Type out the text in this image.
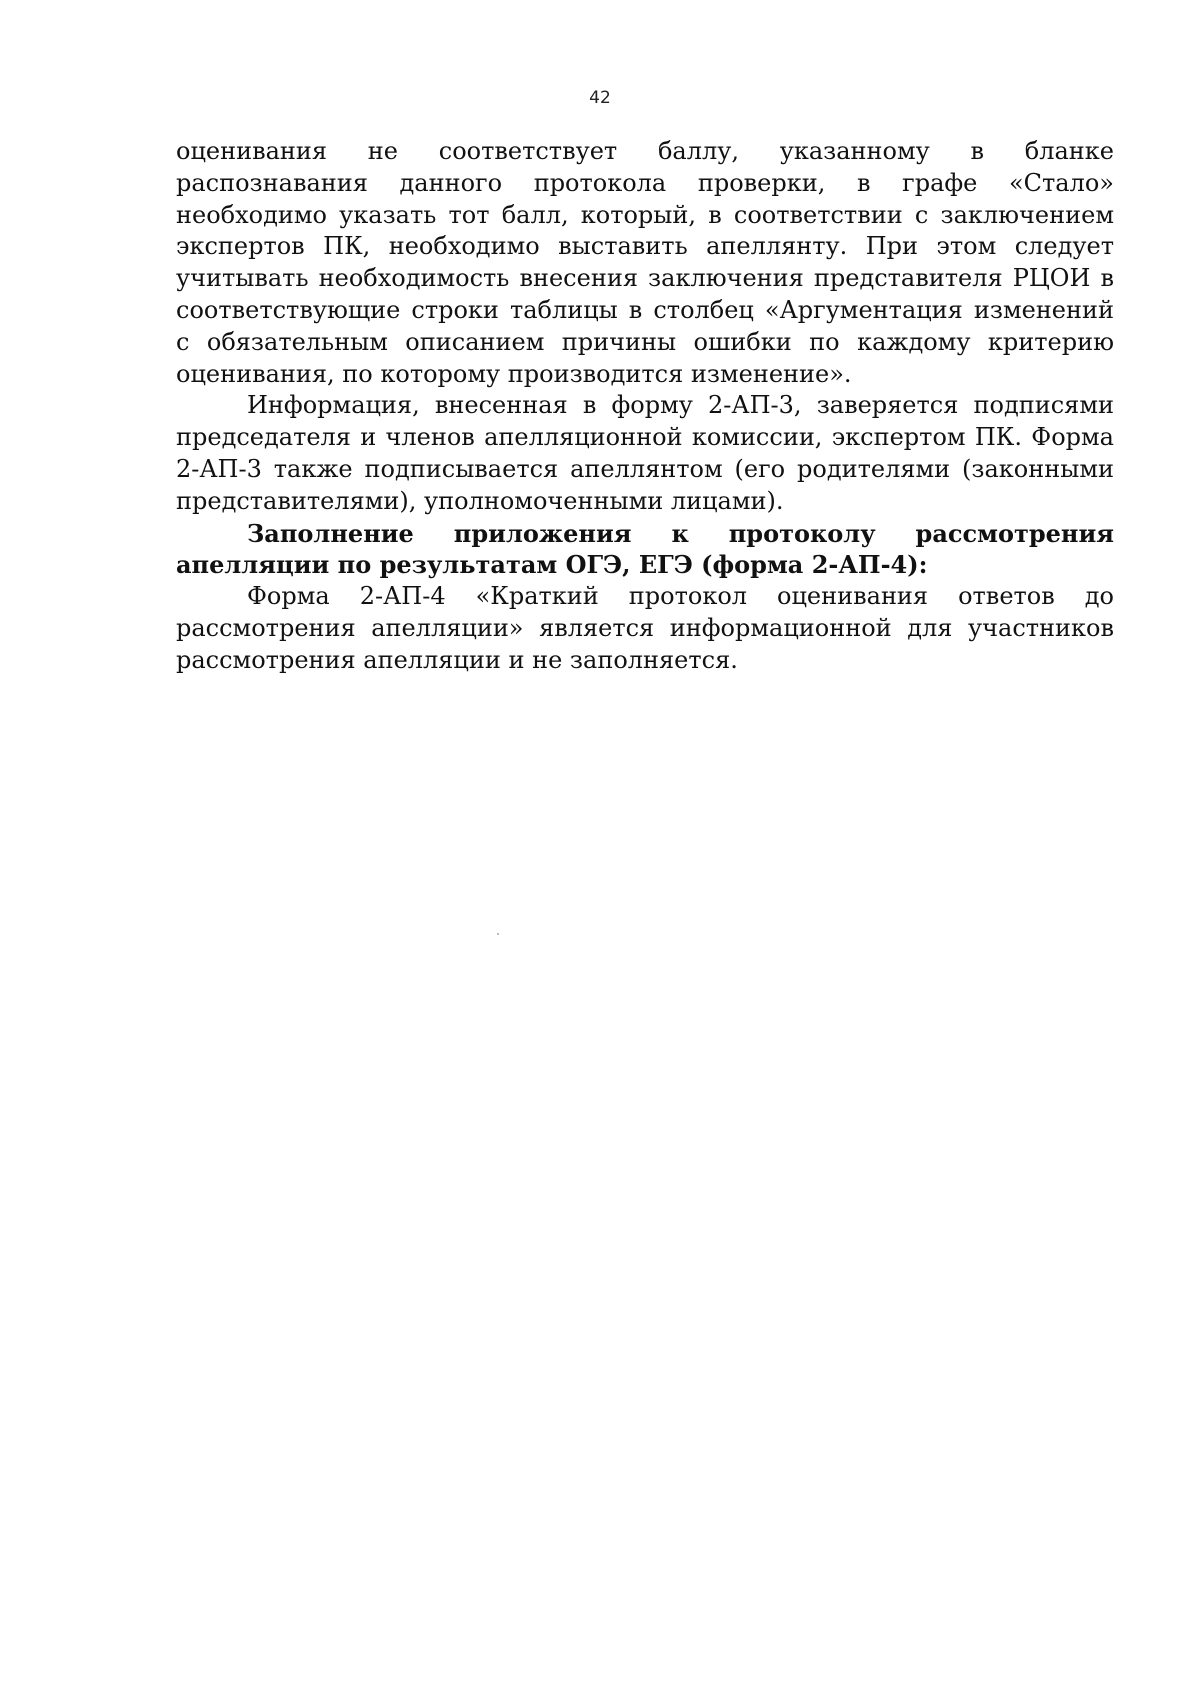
42

оценивания не соответствует баллу, указанному в бланке распознавания данного протокола проверки, в графе «Стало» необходимо указать тот балл, который, в соответствии с заключением экспертов ПК, необходимо выставить апеллянту. При этом следует учитывать необходимость внесения заключения представителя РЦОИ в соответствующие строки таблицы в столбец «Аргументация изменений с обязательным описанием причины ошибки по каждому критерию оценивания, по которому производится изменение».

Информация, внесенная в форму 2-АП-3, заверяется подписями председателя и членов апелляционной комиссии, экспертом ПК. Форма 2-АП-3 также подписывается апеллянтом (его родителями (законными представителями), уполномоченными лицами).

Заполнение приложения к протоколу рассмотрения апелляции по результатам ОГЭ, ЕГЭ (форма 2-АП-4):

Форма 2-АП-4 «Краткий протокол оценивания ответов до рассмотрения апелляции» является информационной для участников рассмотрения апелляции и не заполняется.
